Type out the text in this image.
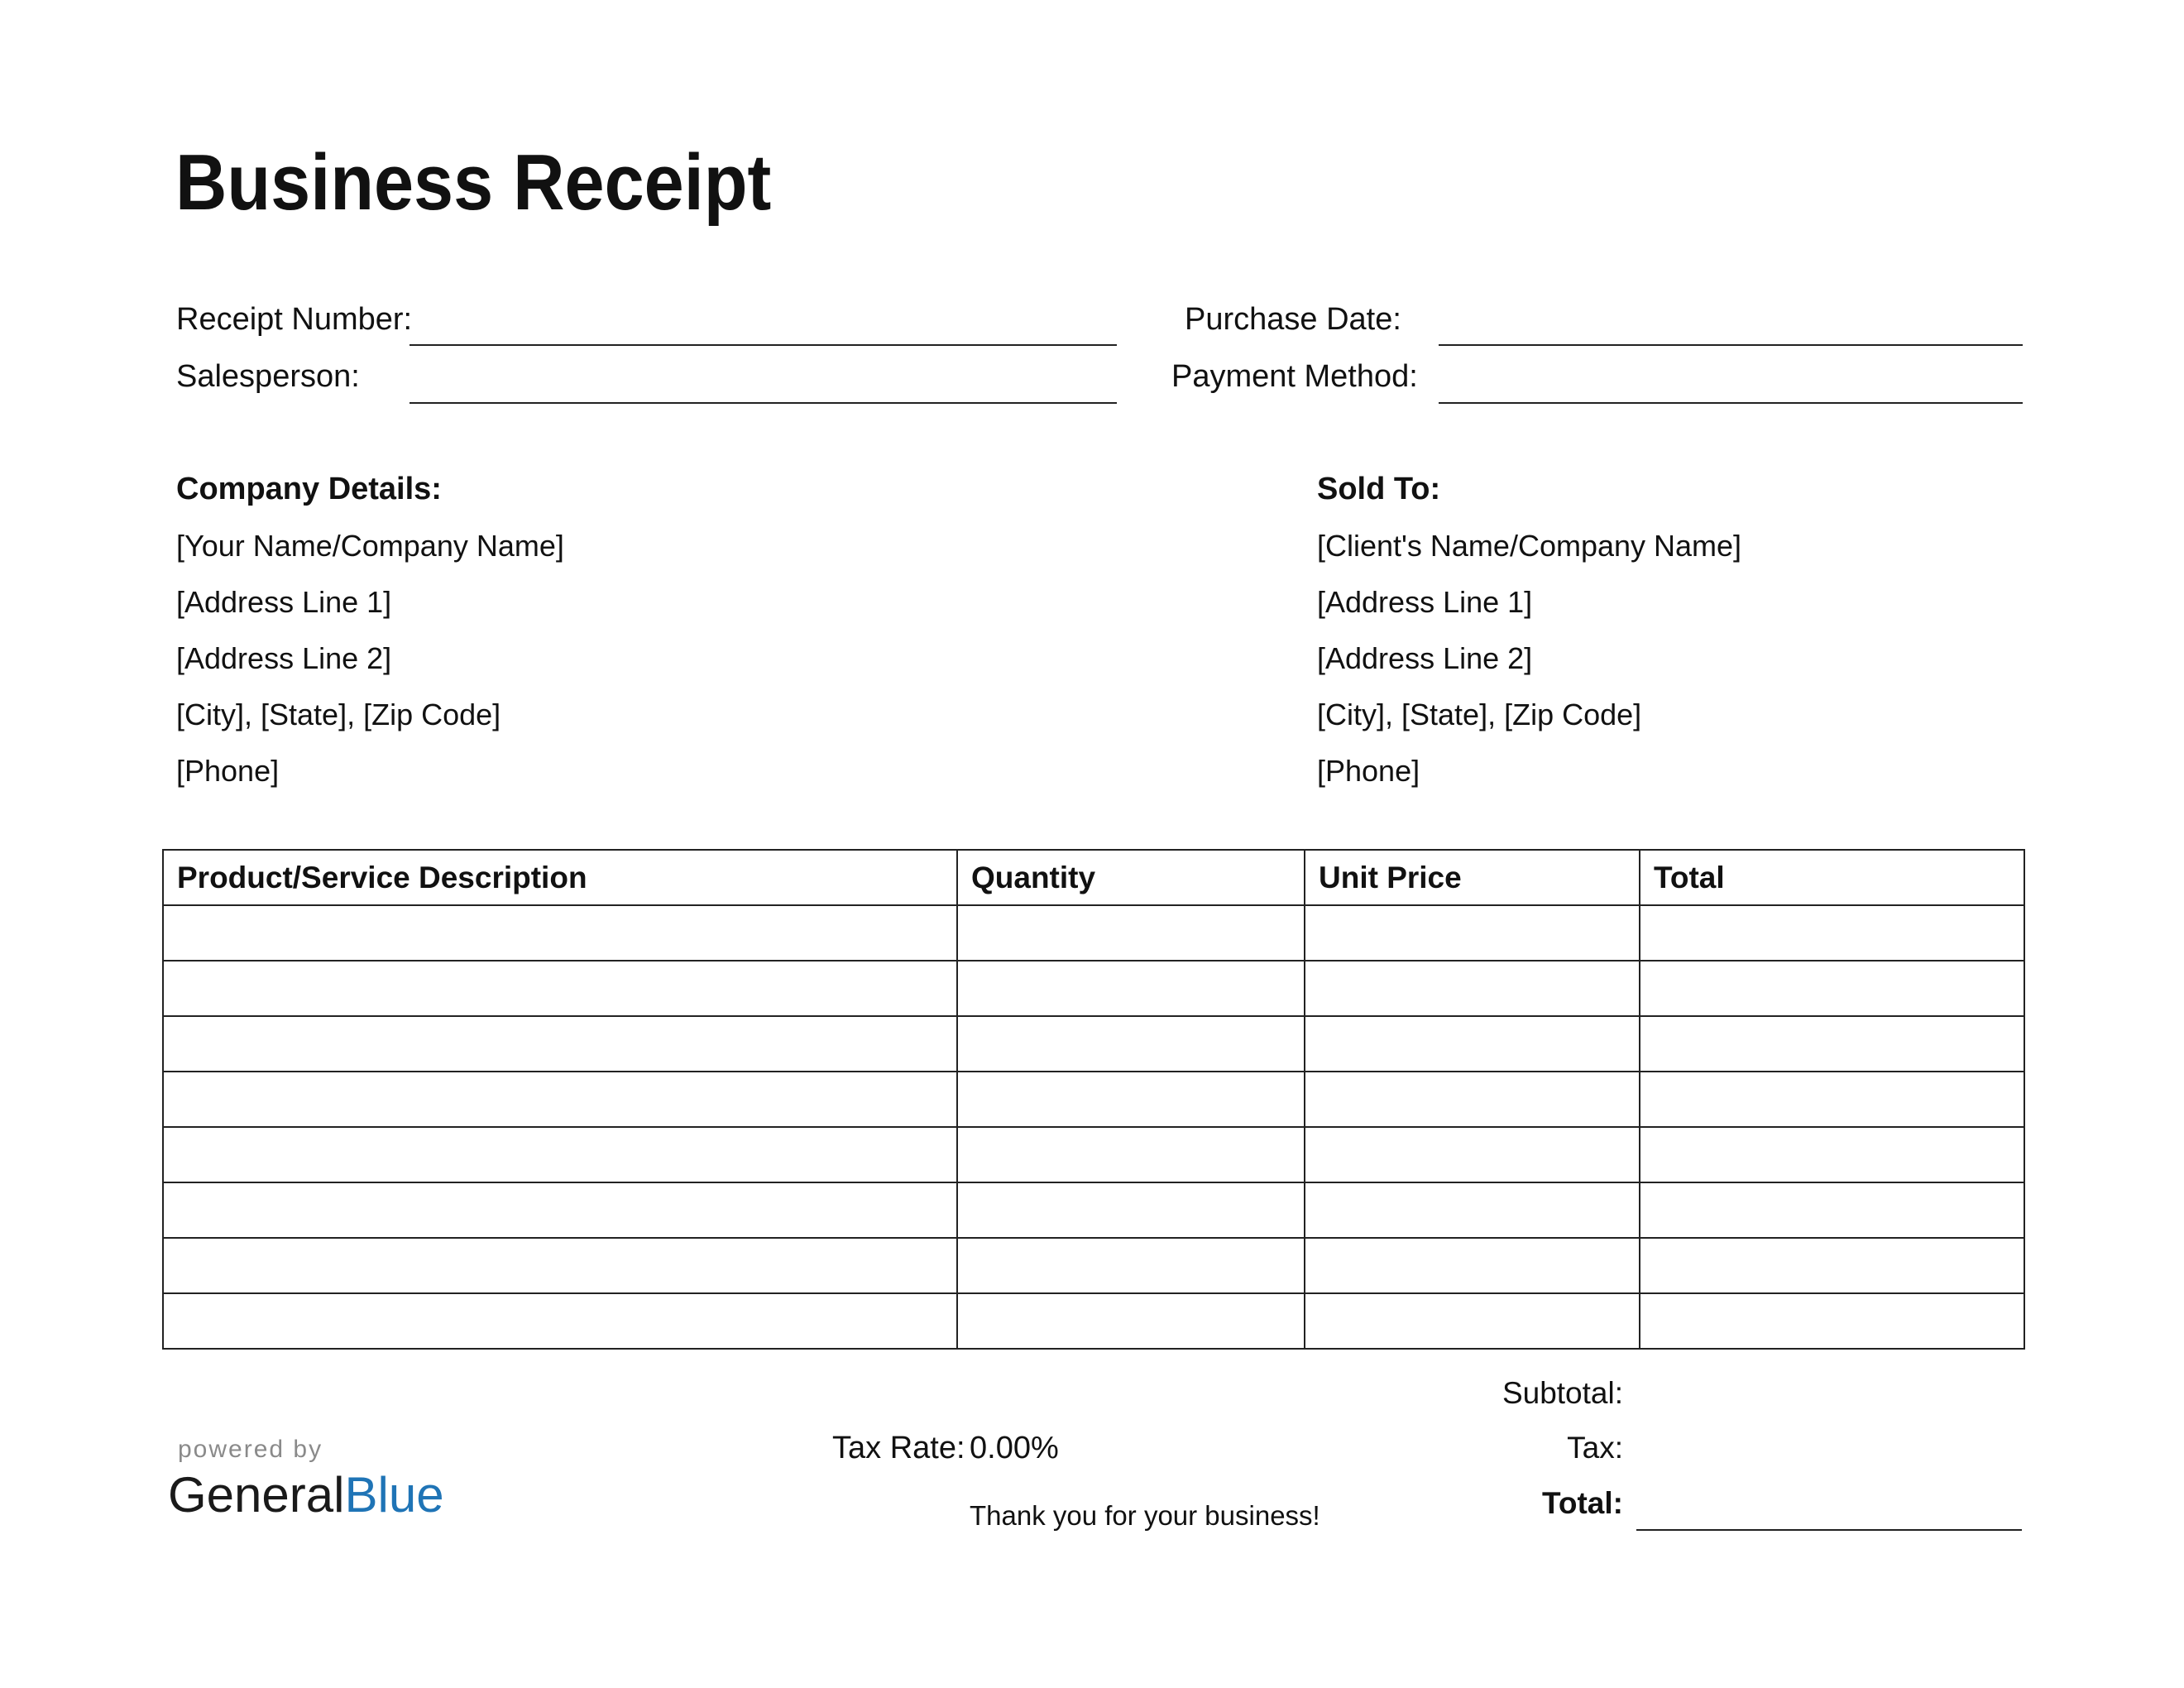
Business Receipt
Receipt Number:
Salesperson:
Purchase Date:
Payment Method:
Company Details:
[Your Name/Company Name]
[Address Line 1]
[Address Line 2]
[City], [State], [Zip Code]
[Phone]
Sold To:
[Client's Name/Company Name]
[Address Line 1]
[Address Line 2]
[City], [State], [Zip Code]
[Phone]
Product/Service Description	Quantity	Unit Price	Total

Subtotal:
Tax:
Total:
Tax Rate: 0.00%
Thank you for your business!
powered by
GeneralBlue
